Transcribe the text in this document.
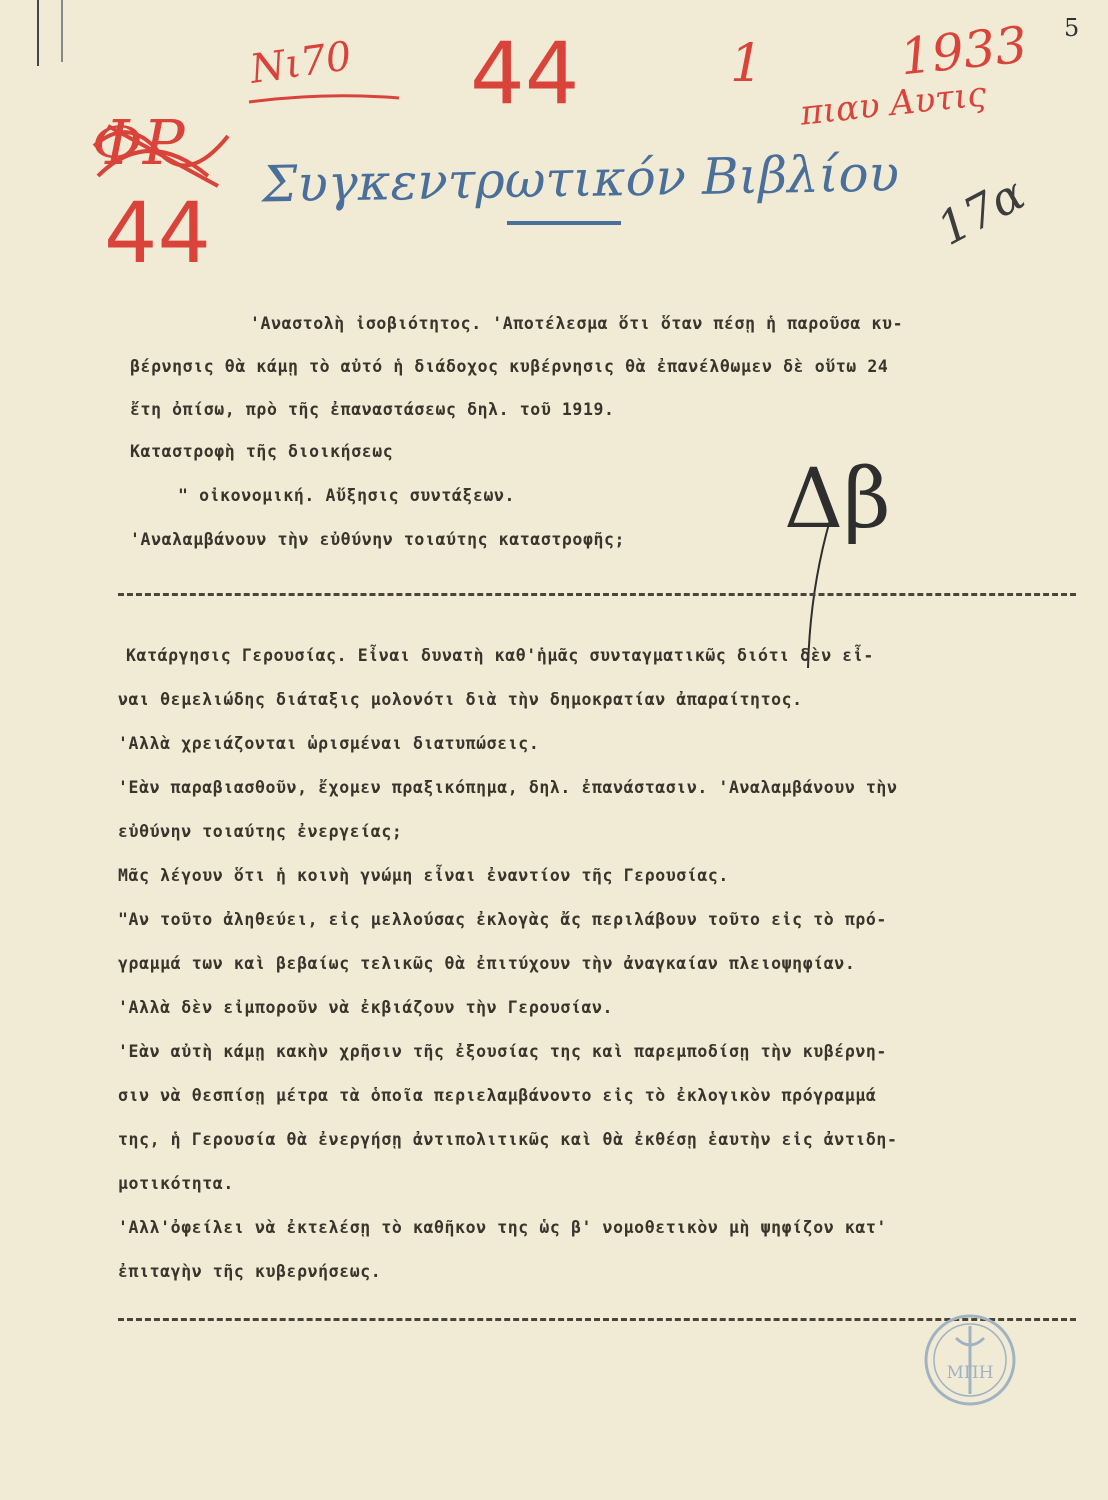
Νι70 44	1	1933
πιαυ Αυτις
5
ΦΡ
44
Συγκεντρωτικόν Βιβλίου 17α
'Αναστολὴ ἰσοβιότητος. 'Αποτέλεσμα ὅτι ὅταν πέσῃ ἡ παροῦσα κυ-
βέρνησις θὰ κάμῃ τὸ αὐτό ἡ διάδοχος κυβέρνησις θὰ ἐπανέλθωμεν δὲ οὕτω 24
ἔτη ὀπίσω, πρὸ τῆς ἐπαναστάσεως δηλ. τοῦ 1919.
Καταστροφὴ τῆς διοικήσεως
" οἰκονομική. Αὔξησις συντάξεων.
'Αναλαμβάνουν τὴν εὐθύνην τοιαύτης καταστροφῆς; Δβ
Κατάργησις Γερουσίας. Εἶναι δυνατὴ καθ'ἡμᾶς συνταγματικῶς διότι δὲν εἶ-
ναι θεμελιώδης διάταξις μολονότι διὰ τὴν δημοκρατίαν ἀπαραίτητος.
'Αλλὰ χρειάζονται ὡρισμέναι διατυπώσεις.
'Εὰν παραβιασθοῦν, ἔχομεν πραξικόπημα, δηλ. ἐπανάστασιν. 'Αναλαμβάνουν τὴν
εὐθύνην τοιαύτης ἐνεργείας;
Μᾶς λέγουν ὅτι ἡ κοινὴ γνώμη εἶναι ἐναντίον τῆς Γερουσίας.
"Αν τοῦτο ἀληθεύει, εἰς μελλούσας ἐκλογὰς ἄς περιλάβουν τοῦτο εἰς τὸ πρό-
γραμμά των καὶ βεβαίως τελικῶς θὰ ἐπιτύχουν τὴν ἀναγκαίαν πλειοψηφίαν.
'Αλλὰ δὲν εἰμποροῦν νὰ ἐκβιάζουν τὴν Γερουσίαν.
'Εὰν αὐτὴ κάμῃ κακὴν χρῆσιν τῆς ἐξουσίας της καὶ παρεμποδίσῃ τὴν κυβέρνη-
σιν νὰ θεσπίσῃ μέτρα τὰ ὁποῖα περιελαμβάνοντο εἰς τὸ ἐκλογικὸν πρόγραμμά
της, ἡ Γερουσία θὰ ἐνεργήσῃ ἀντιπολιτικῶς καὶ θὰ ἐκθέσῃ ἑαυτὴν εἰς ἀντιδη-
μοτικότητα.
'Αλλ'ὀφείλει νὰ ἐκτελέσῃ τὸ καθῆκον της ὡς β' νομοθετικὸν μὴ ψηφίζον κατ'
ἐπιταγὴν τῆς κυβερνήσεως.
ΜΠΗ
